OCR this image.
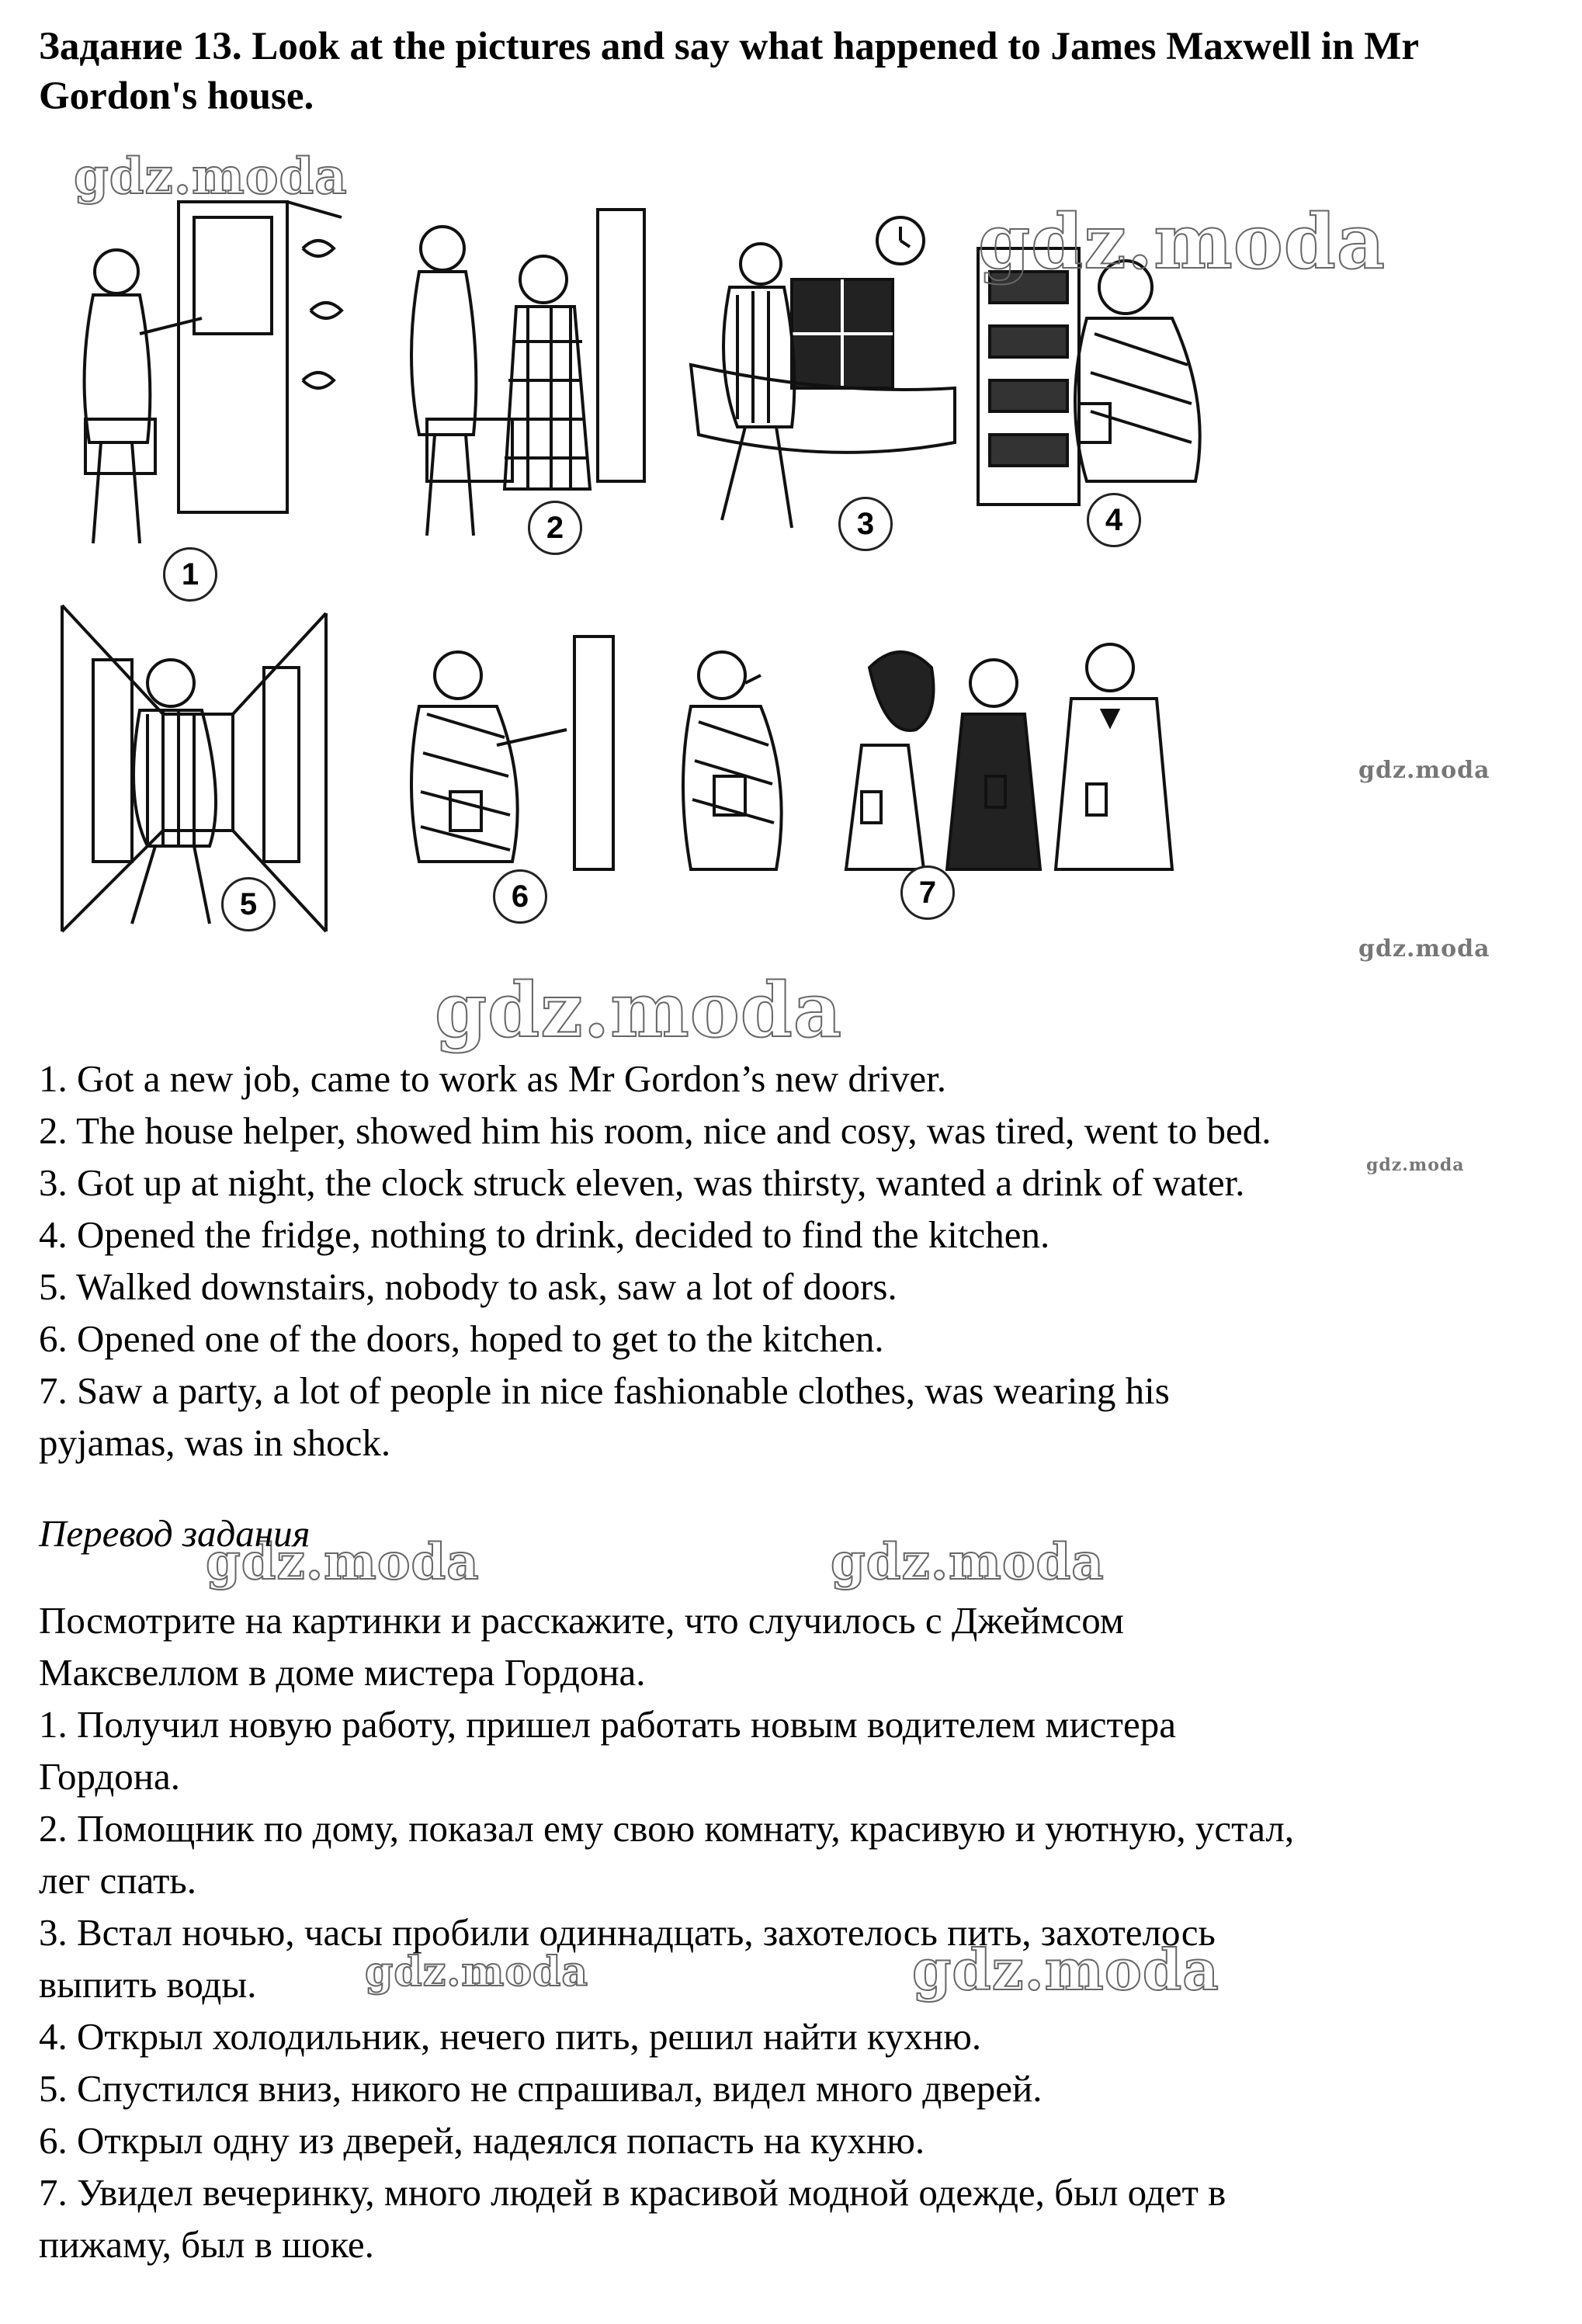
Задание 13. Look at the pictures and say what happened to James Maxwell in Mr Gordon's house.
1
2	3	4
5	6	7
gdz.moda
gdz.moda
gdz.moda
gdz.moda
gdz.moda
gdz.moda
gdz.moda	gdz.moda
gdz.moda	gdz.moda
1. Got a new job, came to work as Mr Gordon’s new driver.
2. The house helper, showed him his room, nice and cosy, was tired, went to bed.
3. Got up at night, the clock struck eleven, was thirsty, wanted a drink of water.
4. Opened the fridge, nothing to drink, decided to find the kitchen.
5. Walked downstairs, nobody to ask, saw a lot of doors.
6. Opened one of the doors, hoped to get to the kitchen.
7. Saw a party, a lot of people in nice fashionable clothes, was wearing his
pyjamas, was in shock.
Перевод задания
Посмотрите на картинки и расскажите, что случилось с Джеймсом
Максвеллом в доме мистера Гордона.
1. Получил новую работу, пришел работать новым водителем мистера
Гордона.
2. Помощник по дому, показал ему свою комнату, красивую и уютную, устал,
лег спать.
3. Встал ночью, часы пробили одиннадцать, захотелось пить, захотелось
выпить воды.
4. Открыл холодильник, нечего пить, решил найти кухню.
5. Спустился вниз, никого не спрашивал, видел много дверей.
6. Открыл одну из дверей, надеялся попасть на кухню.
7. Увидел вечеринку, много людей в красивой модной одежде, был одет в
пижаму, был в шоке.
